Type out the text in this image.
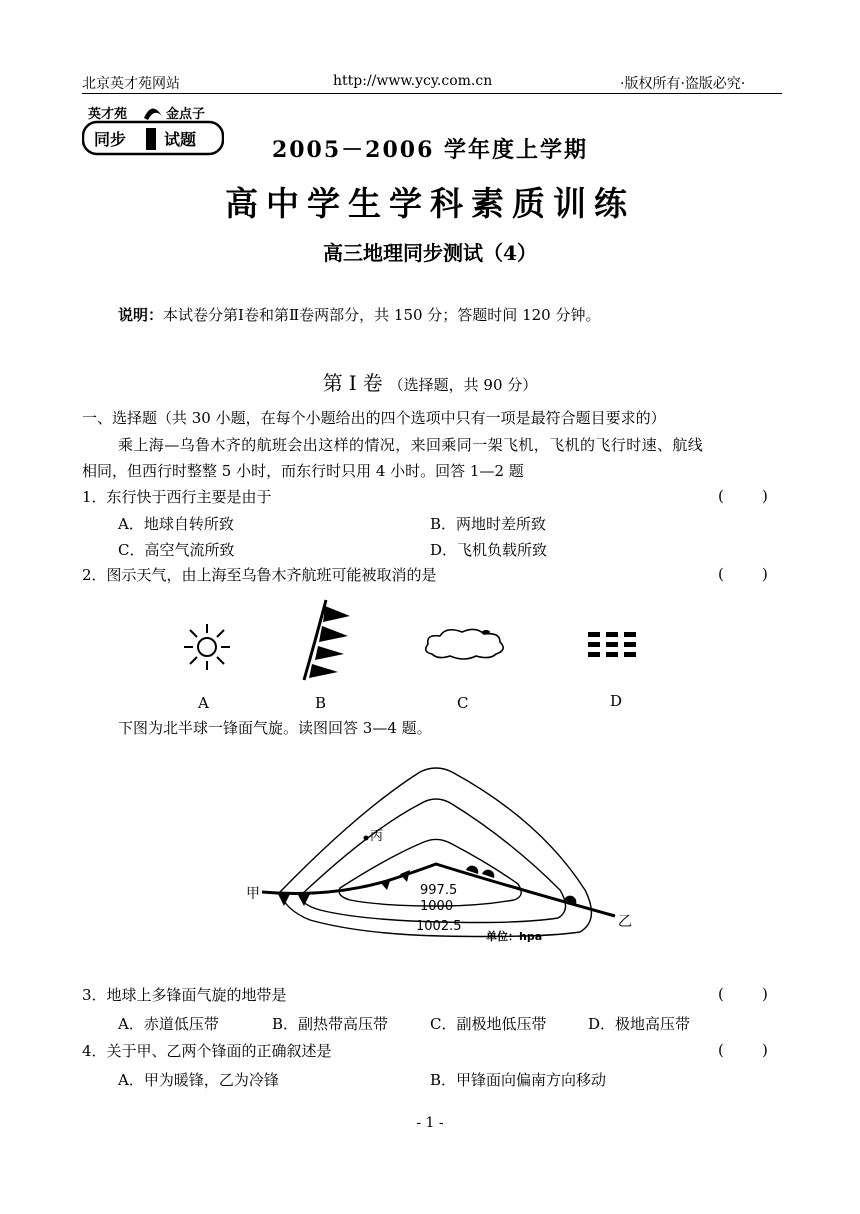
北京英才苑网站	http://www.ycy.com.cn	·版权所有·盗版必究·
英才苑	金点子
同步 试题	2005－2006 学年度上学期
高中学生学科素质训练
高三地理同步测试（4）
说明：本试卷分第Ⅰ卷和第Ⅱ卷两部分，共 150 分；答题时间 120 分钟。
第Ⅰ卷（选择题，共 90 分）
一、选择题（共 30 小题，在每个小题给出的四个选项中只有一项是最符合题目要求的）
乘上海—乌鲁木齐的航班会出这样的情况，来回乘同一架飞机，飞机的飞行时速、航线
相同，但西行时整整 5 小时，而东行时只用 4 小时。回答 1—2 题
1．东行快于西行主要是由于	(        )
A．地球自转所致	B．两地时差所致
C．高空气流所致	D．飞机负载所致
2．图示天气，由上海至乌鲁木齐航班可能被取消的是	(        )
A	B	C	D
下图为北半球一锋面气旋。读图回答 3—4 题。
丙
甲
乙
997.5
1000
1002.5
单位：hpa
3．地球上多锋面气旋的地带是	(        )
A．赤道低压带	B．副热带高压带	C．副极地低压带	D．极地高压带
4．关于甲、乙两个锋面的正确叙述是	(        )
A．甲为暖锋，乙为冷锋	B．甲锋面向偏南方向移动
- 1 -
